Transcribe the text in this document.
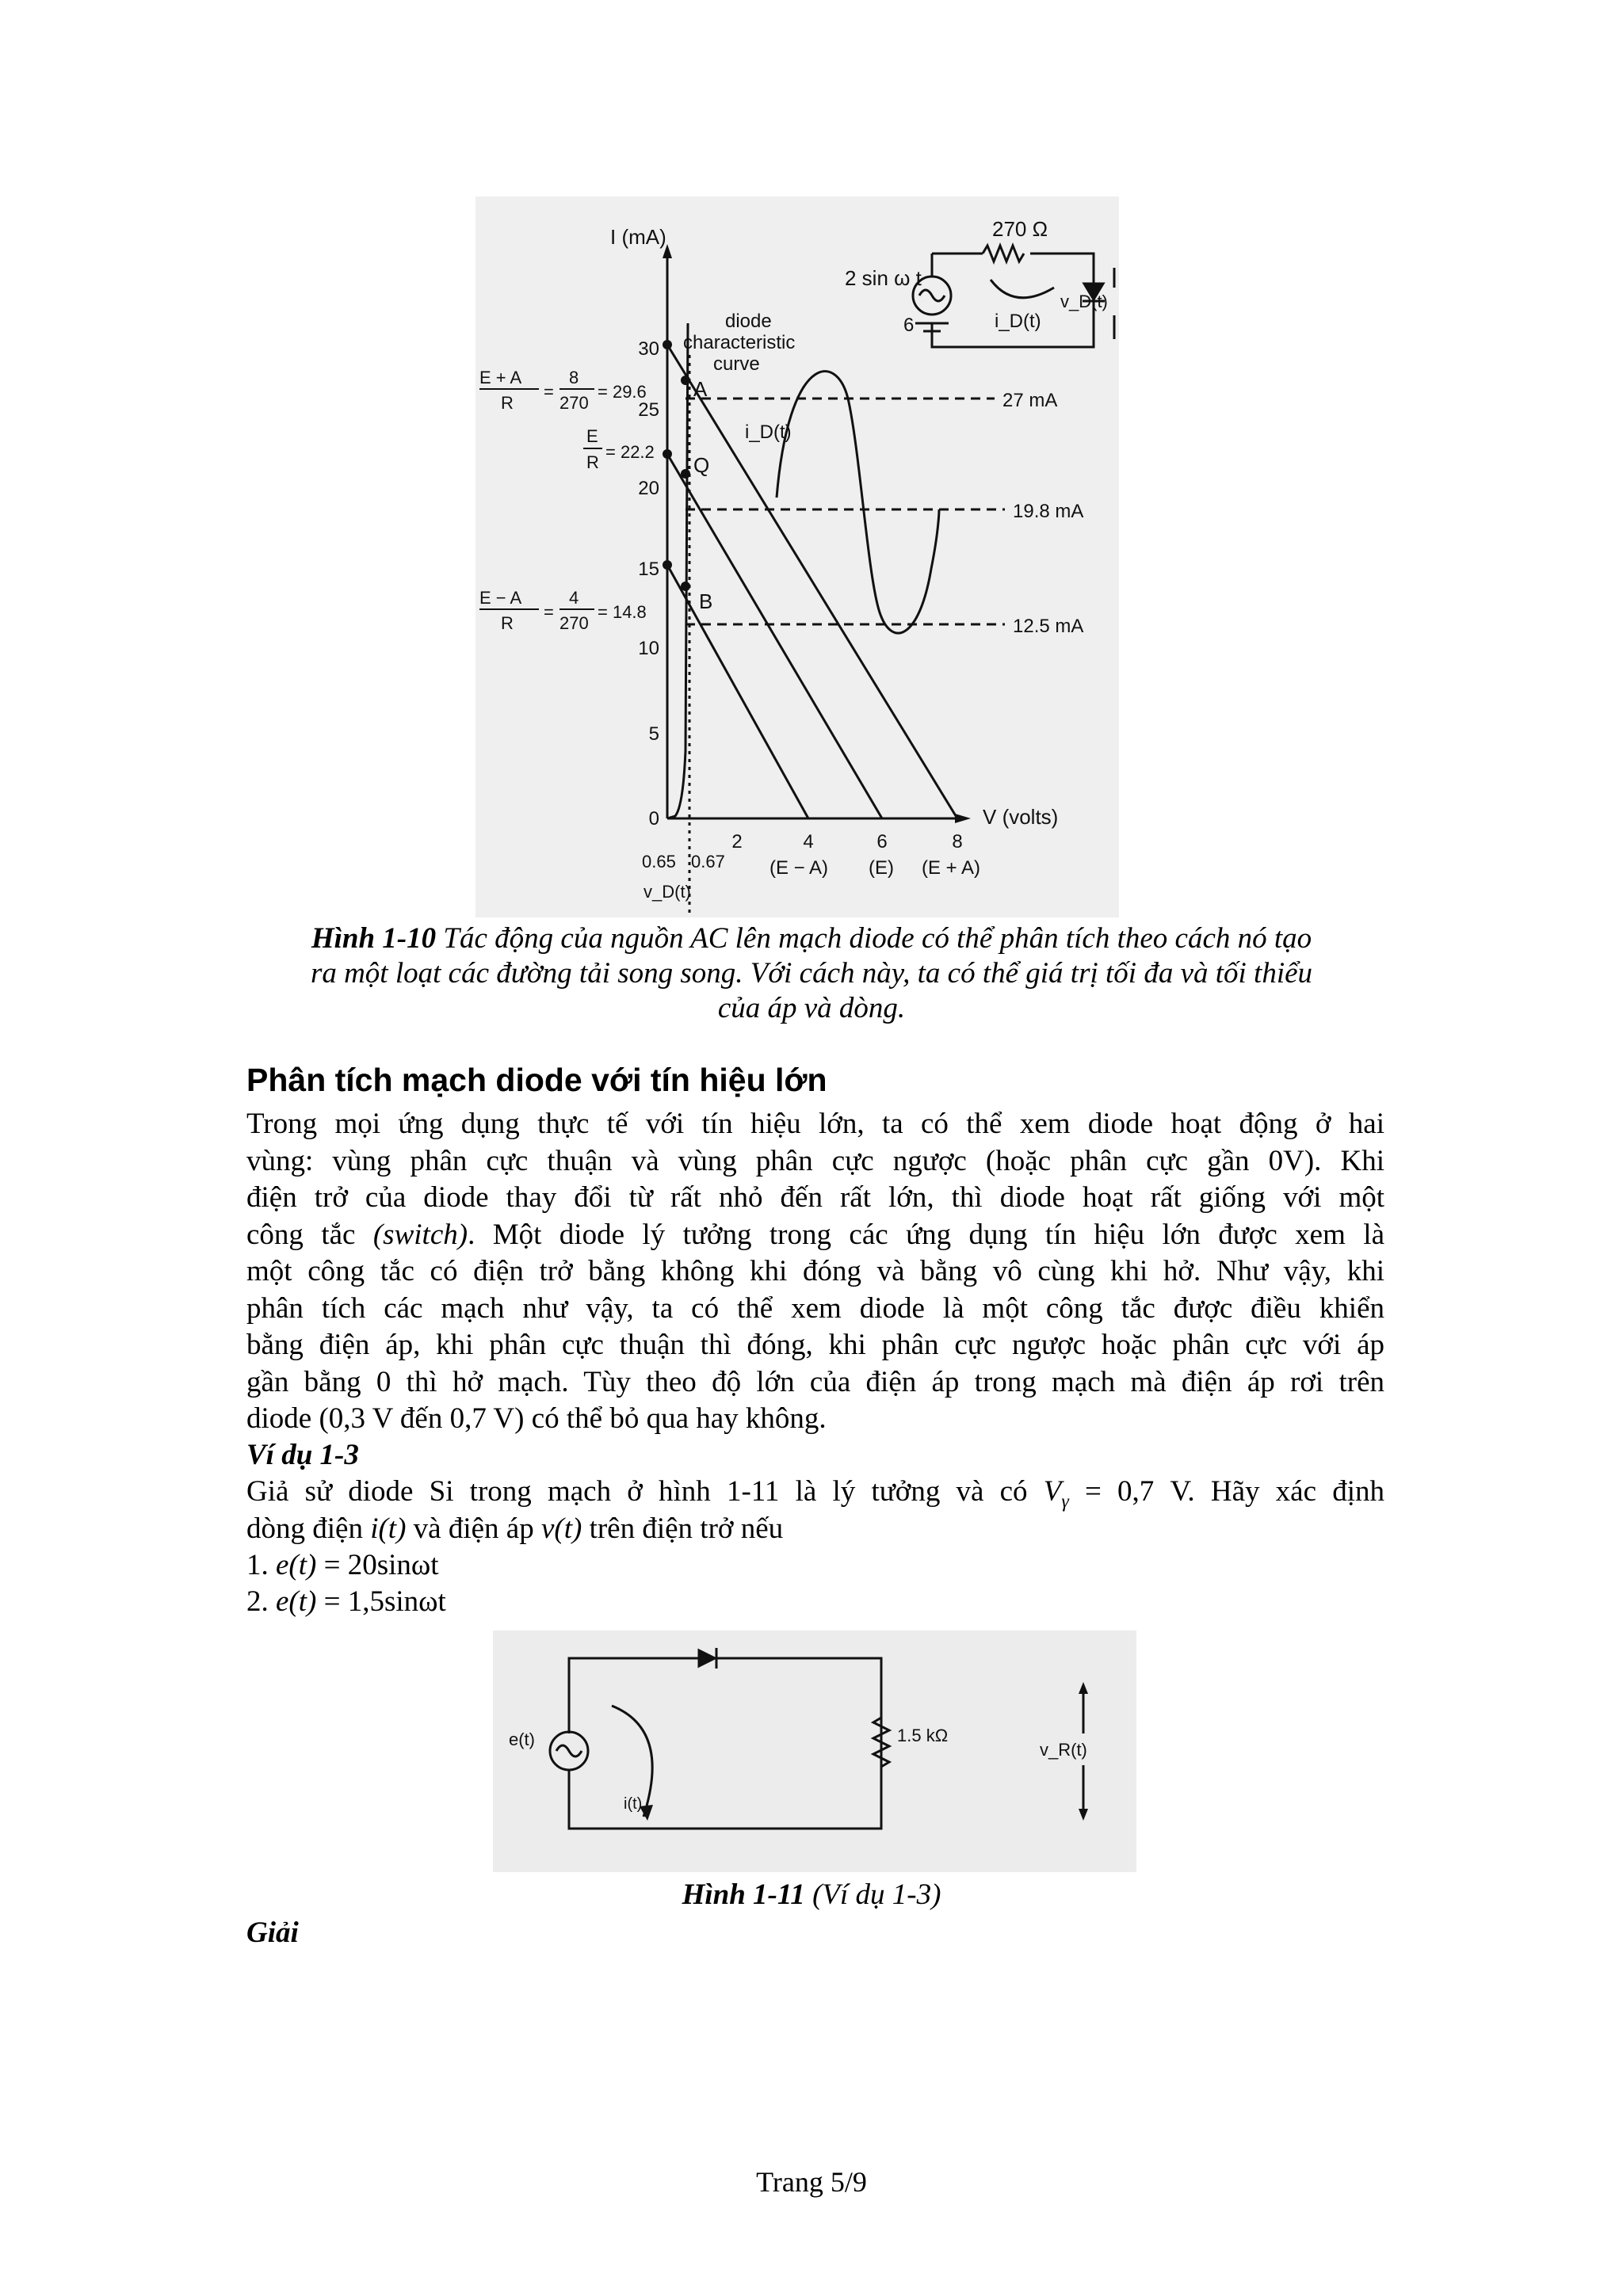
270 Ω
2 sin ω t
6	i_D(t)
v_D(t)
I (mA)
V (volts)
0
5
10
15
20
25
30
2	4	6	8
(E − A) (E) (E + A)
0.65 0.67
v_D(t)
diode
characteristic
curve
A
Q
B
27 mA
19.8 mA
12.5 mA
i_D(t)
E + A
R
=
8
270
= 29.6
E
R
= 22.2
E − A
R
=
4
270
= 14.8
Hình 1-10 Tác động của nguồn AC lên mạch diode có thể phân tích theo cách nó tạo
ra một loạt các đường tải song song. Với cách này, ta có thể giá trị tối đa và tối thiểu
của áp và dòng.
Phân tích mạch diode với tín hiệu lớn
Trong mọi ứng dụng thực tế với tín hiệu lớn, ta có thể xem diode hoạt động ở hai
vùng: vùng phân cực thuận và vùng phân cực ngược (hoặc phân cực gần 0V). Khi
điện trở của diode thay đổi từ rất nhỏ đến rất lớn, thì diode hoạt rất giống với một
công tắc (switch). Một diode lý tưởng trong các ứng dụng tín hiệu lớn được xem là
một công tắc có điện trở bằng không khi đóng và bằng vô cùng khi hở. Như vậy, khi
phân tích các mạch như vậy, ta có thể xem diode là một công tắc được điều khiển
bằng điện áp, khi phân cực thuận thì đóng, khi phân cực ngược hoặc phân cực với áp
gần bằng 0 thì hở mạch. Tùy theo độ lớn của điện áp trong mạch mà điện áp rơi trên
diode (0,3 V đến 0,7 V) có thể bỏ qua hay không.
Ví dụ 1-3
Giả sử diode Si trong mạch ở hình 1-11 là lý tưởng và có $V_\gamma = 0,7$ V. Hãy xác định
dòng điện i(t) và điện áp v(t) trên điện trở nếu
1. e(t) = 20sinωt
2. e(t) = 1,5sinωt
e(t)	1.5 kΩ
i(t)
v_R(t)
Hình 1-11 (Ví dụ 1-3)
Giải
Trang 5/9
